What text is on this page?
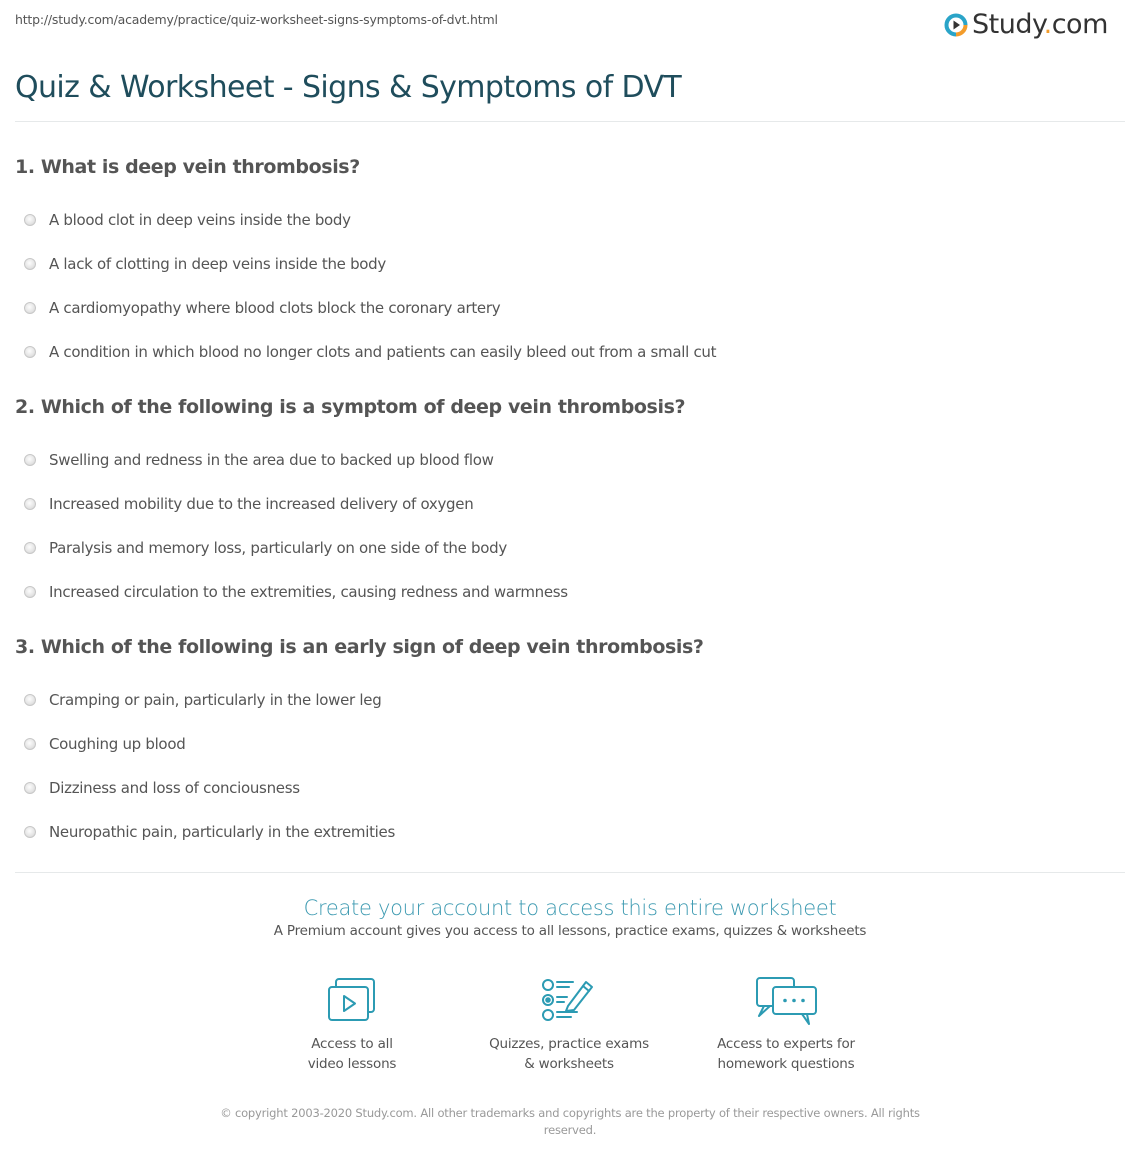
http://study.com/academy/practice/quiz-worksheet-signs-symptoms-of-dvt.html	Study.com
Quiz & Worksheet - Signs & Symptoms of DVT
1. What is deep vein thrombosis?
A blood clot in deep veins inside the body
A lack of clotting in deep veins inside the body
A cardiomyopathy where blood clots block the coronary artery
A condition in which blood no longer clots and patients can easily bleed out from a small cut
2. Which of the following is a symptom of deep vein thrombosis?
Swelling and redness in the area due to backed up blood flow
Increased mobility due to the increased delivery of oxygen
Paralysis and memory loss, particularly on one side of the body
Increased circulation to the extremities, causing redness and warmness
3. Which of the following is an early sign of deep vein thrombosis?
Cramping or pain, particularly in the lower leg
Coughing up blood
Dizziness and loss of conciousness
Neuropathic pain, particularly in the extremities
Create your account to access this entire worksheet
A Premium account gives you access to all lessons, practice exams, quizzes & worksheets
Access to all
video lessons
Quizzes, practice exams
& worksheets
Access to experts for
homework questions
© copyright 2003-2020 Study.com. All other trademarks and copyrights are the property of their respective owners. All rights reserved.
